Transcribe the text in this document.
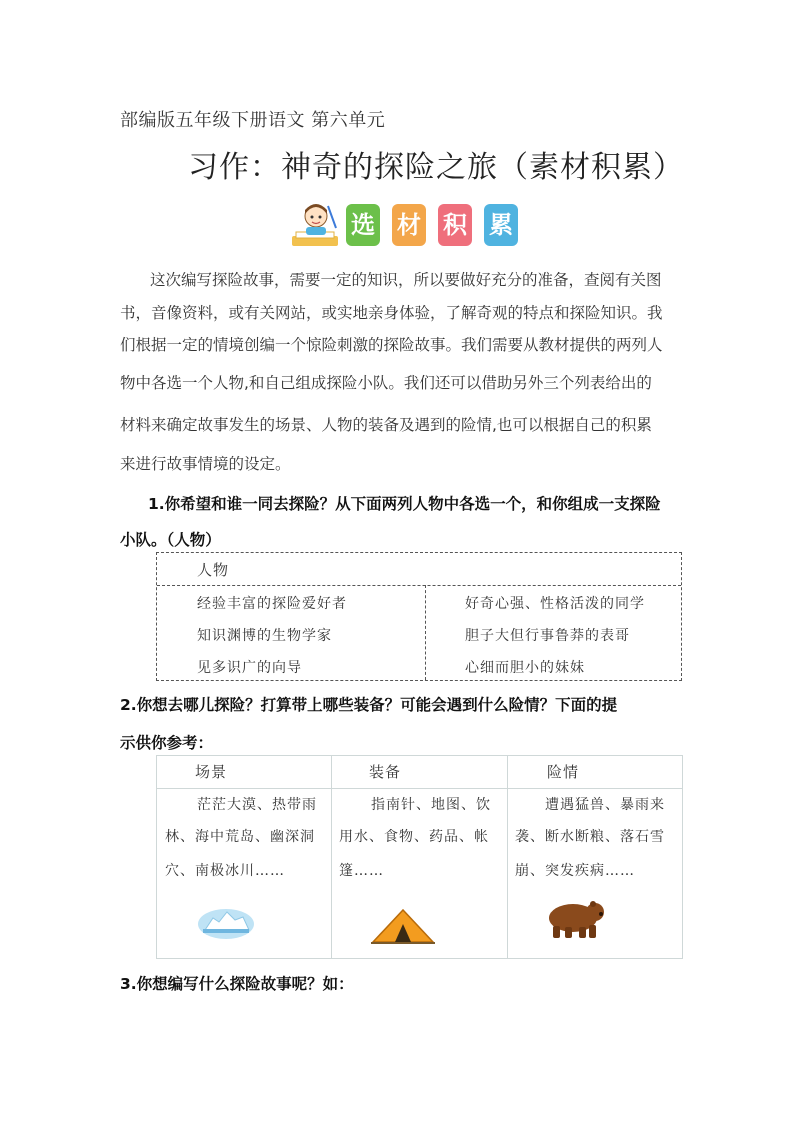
部编版五年级下册语文 第六单元
习作：神奇的探险之旅（素材积累）
选 材 积 累
这次编写探险故事，需要一定的知识，所以要做好充分的准备，查阅有关图
书，音像资料，或有关网站，或实地亲身体验，了解奇观的特点和探险知识。我
们根据一定的情境创编一个惊险刺激的探险故事。我们需要从教材提供的两列人
物中各选一个人物,和自己组成探险小队。我们还可以借助另外三个列表给出的
材料来确定故事发生的场景、人物的装备及遇到的险情,也可以根据自己的积累
来进行故事情境的设定。
1.你希望和谁一同去探险？从下面两列人物中各选一个，和你组成一支探险
小队。（人物）
人物
经验丰富的探险爱好者
知识渊博的生物学家
见多识广的向导
好奇心强、性格活泼的同学
胆子大但行事鲁莽的表哥
心细而胆小的妹妹
2.你想去哪儿探险？打算带上哪些装备？可能会遇到什么险情？下面的提
示供你参考：
场景	装备	险情
茫茫大漠、热带雨
林、海中荒岛、幽深洞
穴、南极冰川……
指南针、地图、饮
用水、食物、药品、帐
篷……
遭遇猛兽、暴雨来
袭、断水断粮、落石雪
崩、突发疾病……
3.你想编写什么探险故事呢？如：
